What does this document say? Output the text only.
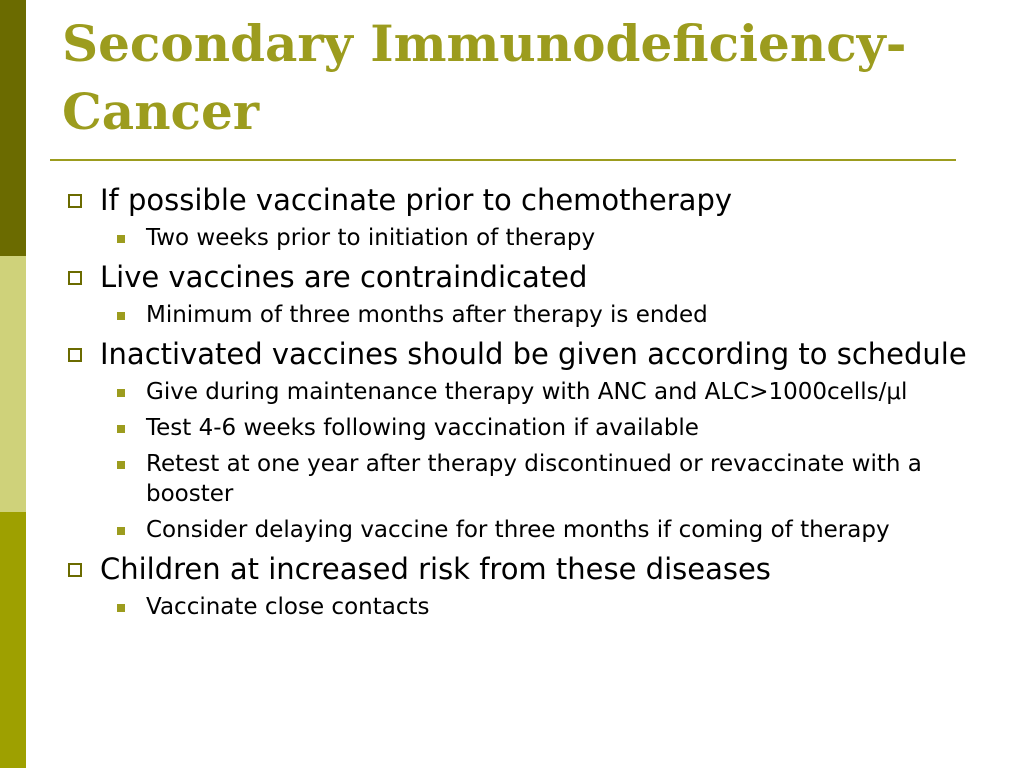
Secondary Immunodeficiency-
Cancer
If possible vaccinate prior to chemotherapy
Two weeks prior to initiation of therapy
Live vaccines are contraindicated
Minimum of three months after therapy is ended
Inactivated vaccines should be given according to schedule
Give during maintenance therapy with ANC and ALC>1000cells/μl
Test 4-6 weeks following vaccination if available
Retest at one year after therapy discontinued or revaccinate with a booster
Consider delaying vaccine for three months if coming of therapy
Children at increased risk from these diseases
Vaccinate close contacts
